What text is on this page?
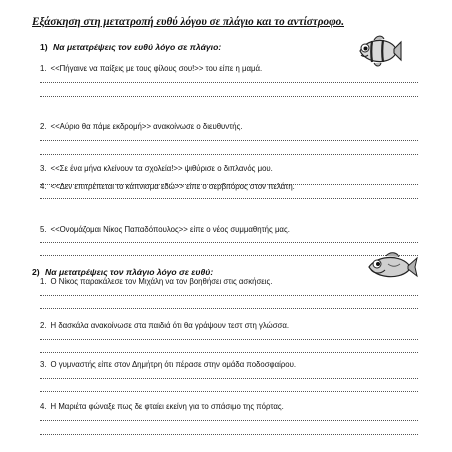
Εξάσκηση στη μετατροπή ευθύ λόγου σε πλάγιο και το αντίστροφο.
1) Να μετατρέψεις τον ευθύ λόγο σε πλάγιο:
1. <<Πήγαινε να παίξεις με τους φίλους σου!>> του είπε η μαμά.
2. <<Αύριο θα πάμε εκδρομή>> ανακοίνωσε ο διευθυντής.
3. <<Σε ένα μήνα κλείνουν τα σχολεία!>> ψιθύρισε ο διπλανός μου.
4. <<Δεν επιτρέπεται το κάπνισμα εδώ>> είπε ο σερβιτόρος στον πελάτη.
5. <<Ονομάζομαι Νίκος Παπαδόπουλος>> είπε ο νέος συμμαθητής μας.
2) Να μετατρέψεις τον πλάγιο λόγο σε ευθύ:
1. Ο Νίκος παρακάλεσε τον Μιχάλη να τον βοηθήσει στις ασκήσεις.
2. Η δασκάλα ανακοίνωσε στα παιδιά ότι θα γράψουν τεστ στη γλώσσα.
3. Ο γυμναστής είπε στον Δημήτρη ότι πέρασε στην ομάδα ποδοσφαίρου.
4. Η Μαριέτα φώναξε πως δε φταίει εκείνη για το σπάσιμο της πόρτας.
